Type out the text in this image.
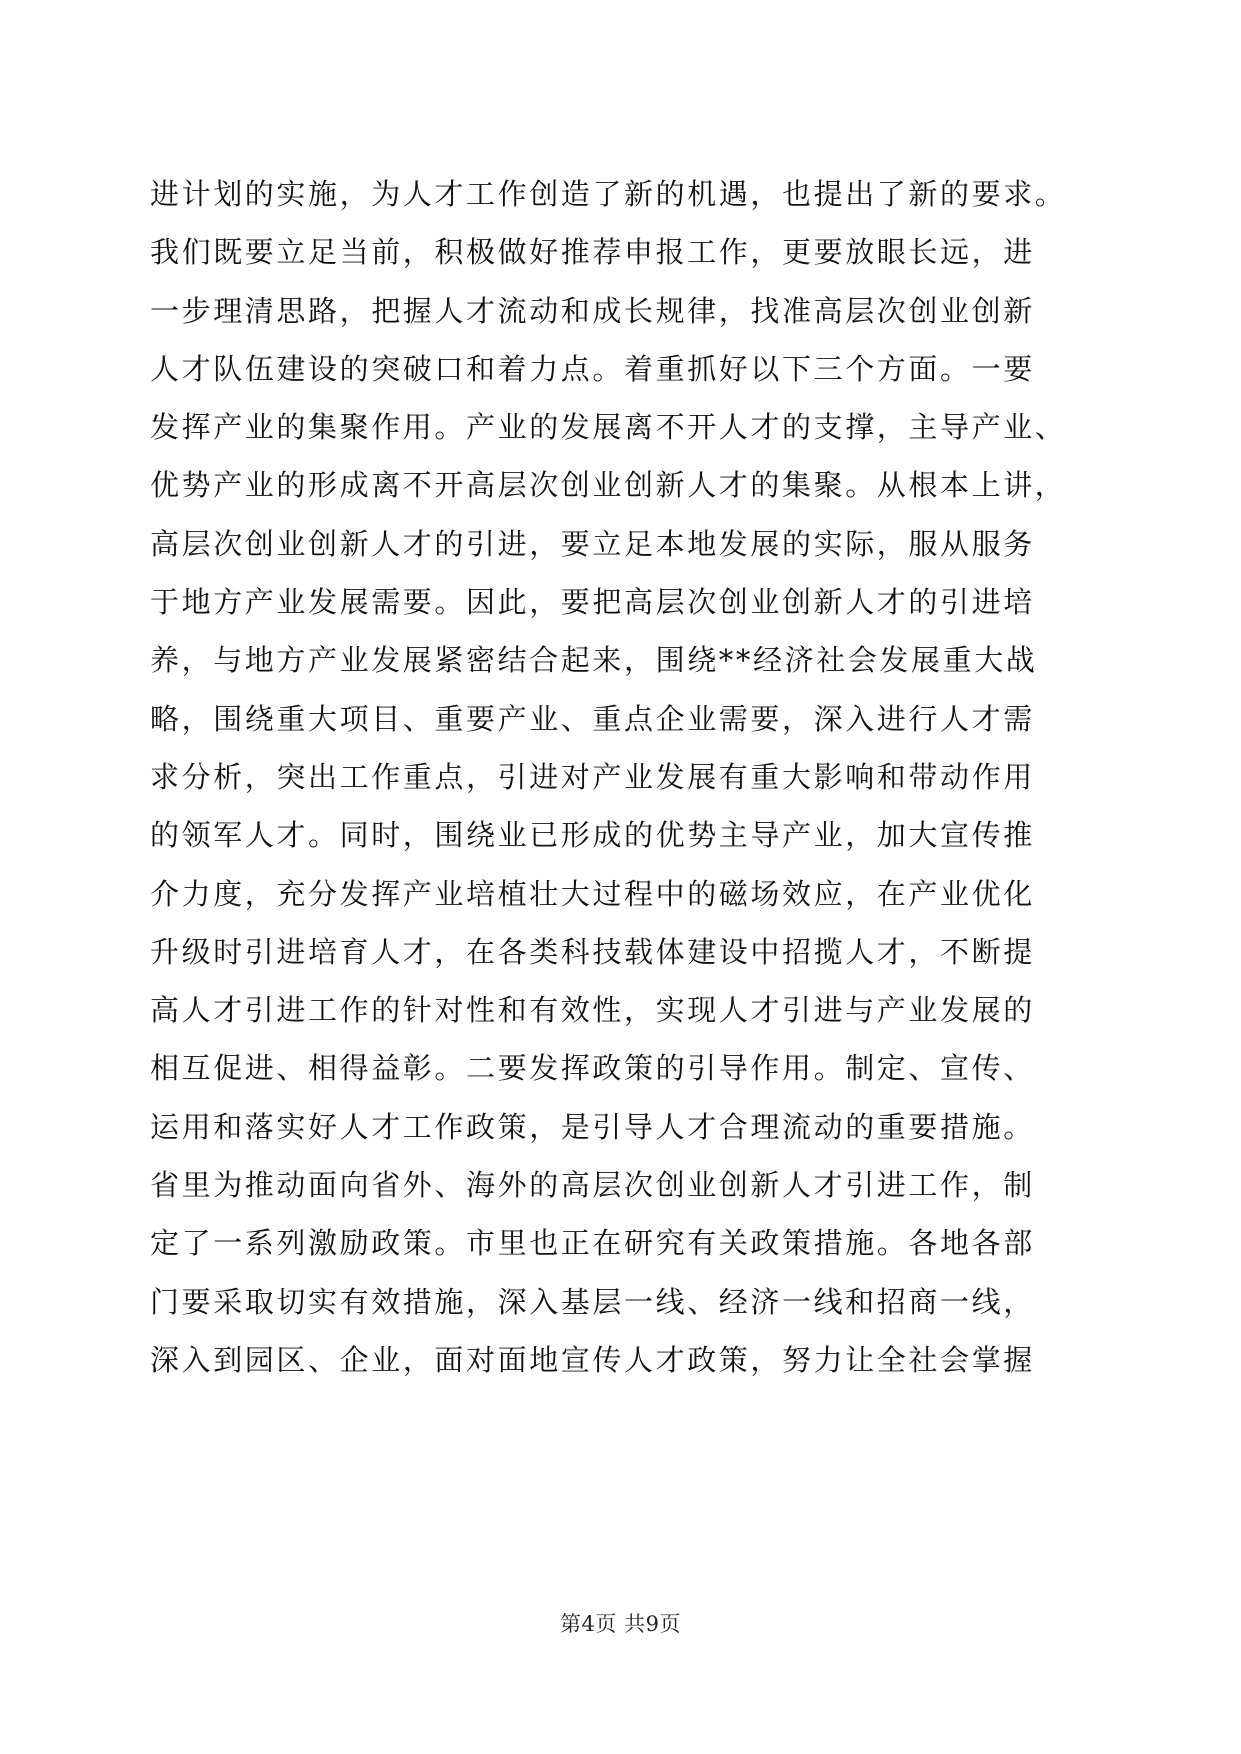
进计划的实施，为人才工作创造了新的机遇，也提出了新的要求。
我们既要立足当前，积极做好推荐申报工作，更要放眼长远，进
一步理清思路，把握人才流动和成长规律，找准高层次创业创新
人才队伍建设的突破口和着力点。着重抓好以下三个方面。一要
发挥产业的集聚作用。产业的发展离不开人才的支撑，主导产业、
优势产业的形成离不开高层次创业创新人才的集聚。从根本上讲，
高层次创业创新人才的引进，要立足本地发展的实际，服从服务
于地方产业发展需要。因此，要把高层次创业创新人才的引进培
养，与地方产业发展紧密结合起来，围绕**经济社会发展重大战
略，围绕重大项目、重要产业、重点企业需要，深入进行人才需
求分析，突出工作重点，引进对产业发展有重大影响和带动作用
的领军人才。同时，围绕业已形成的优势主导产业，加大宣传推
介力度，充分发挥产业培植壮大过程中的磁场效应，在产业优化
升级时引进培育人才，在各类科技载体建设中招揽人才，不断提
高人才引进工作的针对性和有效性，实现人才引进与产业发展的
相互促进、相得益彰。二要发挥政策的引导作用。制定、宣传、
运用和落实好人才工作政策，是引导人才合理流动的重要措施。
省里为推动面向省外、海外的高层次创业创新人才引进工作，制
定了一系列激励政策。市里也正在研究有关政策措施。各地各部
门要采取切实有效措施，深入基层一线、经济一线和招商一线，
深入到园区、企业，面对面地宣传人才政策，努力让全社会掌握
第4页 共9页
